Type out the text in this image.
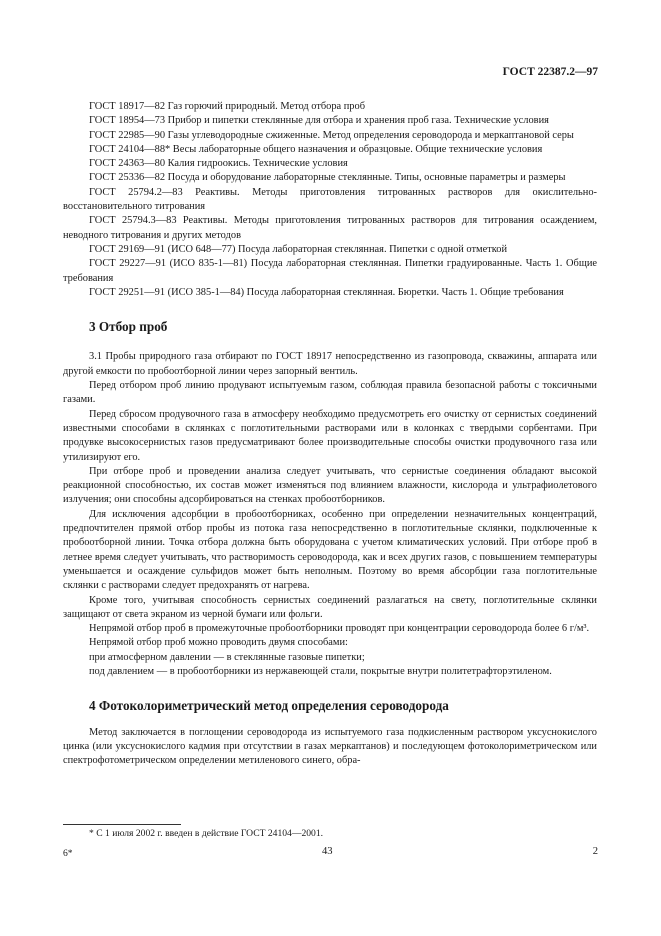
ГОСТ 22387.2—97

ГОСТ 18917—82 Газ горючий природный. Метод отбора проб

ГОСТ 18954—73 Прибор и пипетки стеклянные для отбора и хранения проб газа. Технические условия

ГОСТ 22985—90 Газы углеводородные сжиженные. Метод определения сероводорода и меркаптановой серы

ГОСТ 24104—88* Весы лабораторные общего назначения и образцовые. Общие технические условия

ГОСТ 24363—80 Калия гидроокись. Технические условия

ГОСТ 25336—82 Посуда и оборудование лабораторные стеклянные. Типы, основные параметры и размеры

ГОСТ 25794.2—83 Реактивы. Методы приготовления титрованных растворов для окислительно-восстановительного титрования

ГОСТ 25794.3—83 Реактивы. Методы приготовления титрованных растворов для титрования осаждением, неводного титрования и других методов

ГОСТ 29169—91 (ИСО 648—77) Посуда лабораторная стеклянная. Пипетки с одной отметкой

ГОСТ 29227—91 (ИСО 835-1—81) Посуда лабораторная стеклянная. Пипетки градуированные. Часть 1. Общие требования

ГОСТ 29251—91 (ИСО 385-1—84) Посуда лабораторная стеклянная. Бюретки. Часть 1. Общие требования

3 Отбор проб

3.1 Пробы природного газа отбирают по ГОСТ 18917 непосредственно из газопровода, скважины, аппарата или другой емкости по пробоотборной линии через запорный вентиль.

Перед отбором проб линию продувают испытуемым газом, соблюдая правила безопасной работы с токсичными газами.

Перед сбросом продувочного газа в атмосферу необходимо предусмотреть его очистку от сернистых соединений известными способами в склянках с поглотительными растворами или в колонках с твердыми сорбентами. При продувке высокосернистых газов предусматривают более производительные способы очистки продувочного газа или утилизируют его.

При отборе проб и проведении анализа следует учитывать, что сернистые соединения обладают высокой реакционной способностью, их состав может изменяться под влиянием влажности, кислорода и ультрафиолетового излучения; они способны адсорбироваться на стенках пробоотборников.

Для исключения адсорбции в пробоотборниках, особенно при определении незначительных концентраций, предпочтителен прямой отбор пробы из потока газа непосредственно в поглотительные склянки, подключенные к пробоотборной линии. Точка отбора должна быть оборудована с учетом климатических условий. При отборе проб в летнее время следует учитывать, что растворимость сероводорода, как и всех других газов, с повышением температуры уменьшается и осаждение сульфидов может быть неполным. Поэтому во время абсорбции газа поглотительные склянки с растворами следует предохранять от нагрева.

Кроме того, учитывая способность сернистых соединений разлагаться на свету, поглотительные склянки защищают от света экраном из черной бумаги или фольги.

Непрямой отбор проб в промежуточные пробоотборники проводят при концентрации сероводорода более 6 г/м³.

Непрямой отбор проб можно проводить двумя способами:

при атмосферном давлении — в стеклянные газовые пипетки;

под давлением — в пробоотборники из нержавеющей стали, покрытые внутри политетрафторэтиленом.

4 Фотоколориметрический метод определения сероводорода

Метод заключается в поглощении сероводорода из испытуемого газа подкисленным раствором уксуснокислого цинка (или уксуснокислого кадмия при отсутствии в газах меркаптанов) и последующем фотоколориметрическом или спектрофотометрическом определении метиленового синего, обра-

* С 1 июля 2002 г. введен в действие ГОСТ 24104—2001.
6*	43	2
